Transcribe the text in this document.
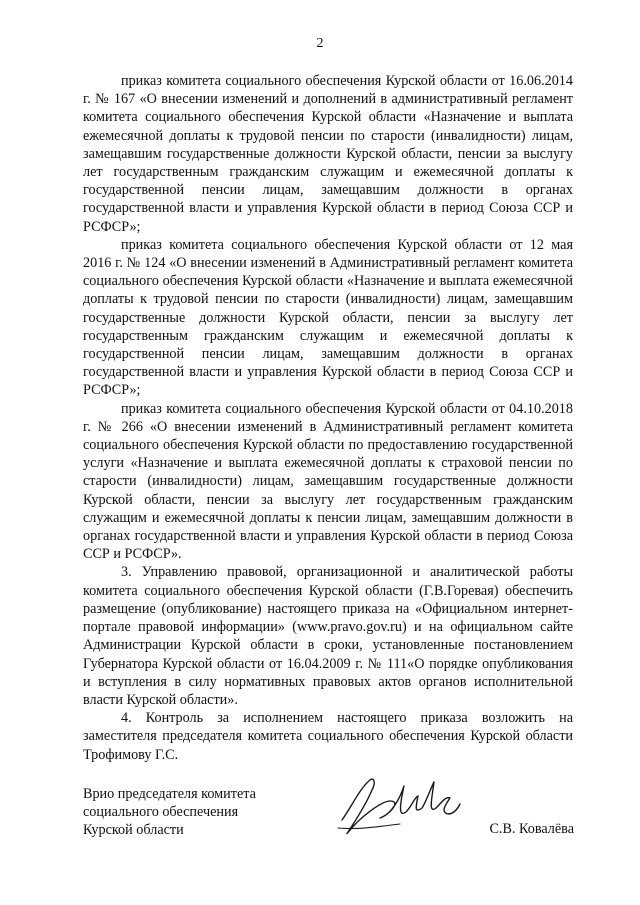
2

приказ комитета социального обеспечения Курской области от 16.06.2014 г. № 167 «О внесении изменений и дополнений в административный регламент комитета социального обеспечения Курской области «Назначение и выплата ежемесячной доплаты к трудовой пенсии по старости (инвалидности) лицам, замещавшим государственные должности Курской области, пенсии за выслугу лет государственным гражданским служащим и ежемесячной доплаты к государственной пенсии лицам, замещавшим должности в органах государственной власти и управления Курской области в период Союза ССР и РСФСР»;

приказ комитета социального обеспечения Курской области от 12 мая 2016 г. № 124 «О внесении изменений в Административный регламент комитета социального обеспечения Курской области «Назначение и выплата ежемесячной доплаты к трудовой пенсии по старости (инвалидности) лицам, замещавшим государственные должности Курской области, пенсии за выслугу лет государственным гражданским служащим и ежемесячной доплаты к государственной пенсии лицам, замещавшим должности в органах государственной власти и управления Курской области в период Союза ССР и РСФСР»;

приказ комитета социального обеспечения Курской области от 04.10.2018 г. № 266 «О внесении изменений в Административный регламент комитета социального обеспечения Курской области по предоставлению государственной услуги «Назначение и выплата ежемесячной доплаты к страховой пенсии по старости (инвалидности) лицам, замещавшим государственные должности Курской области, пенсии за выслугу лет государственным гражданским служащим и ежемесячной доплаты к пенсии лицам, замещавшим должности в органах государственной власти и управления Курской области в период Союза ССР и РСФСР».

3. Управлению правовой, организационной и аналитической работы комитета социального обеспечения Курской области (Г.В.Горевая) обеспечить размещение (опубликование) настоящего приказа на «Официальном интернет-портале правовой информации» (www.pravo.gov.ru) и на официальном сайте Администрации Курской области в сроки, установленные постановлением Губернатора Курской области от 16.04.2009 г. № 111«О порядке опубликования и вступления в силу нормативных правовых актов органов исполнительной власти Курской области».

4. Контроль за исполнением настоящего приказа возложить на заместителя председателя комитета социального обеспечения Курской области Трофимову Г.С.

Врио председателя комитета
социального обеспечения
Курской области	С.В. Ковалёва
